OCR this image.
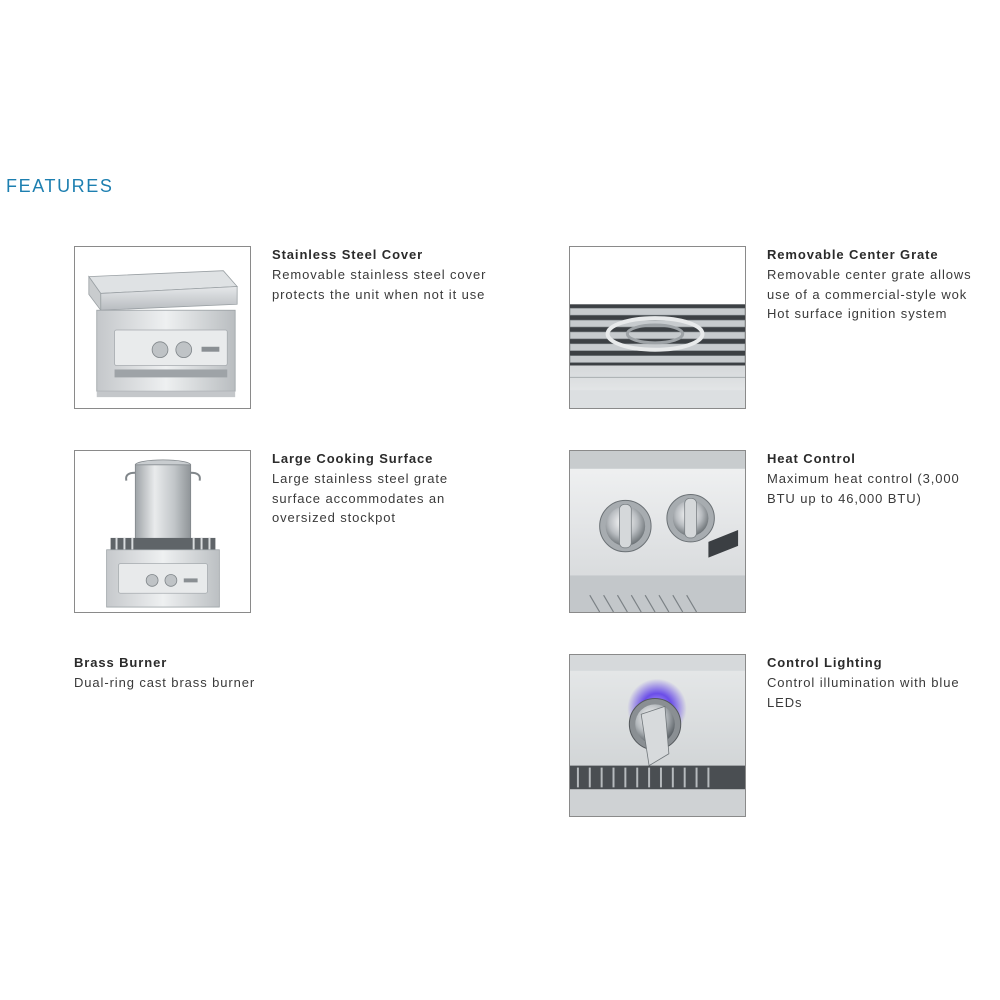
FEATURES
Stainless Steel Cover
Removable stainless steel cover
protects the unit when not it use
Removable Center Grate
Removable center grate allows
use of a commercial-style wok
Hot surface ignition system
Large Cooking Surface
Large stainless steel grate
surface accommodates an
oversized stockpot
Heat Control
Maximum heat control (3,000
BTU up to 46,000 BTU)
Brass Burner
Dual-ring cast brass burner
Control Lighting
Control illumination with blue
LEDs
